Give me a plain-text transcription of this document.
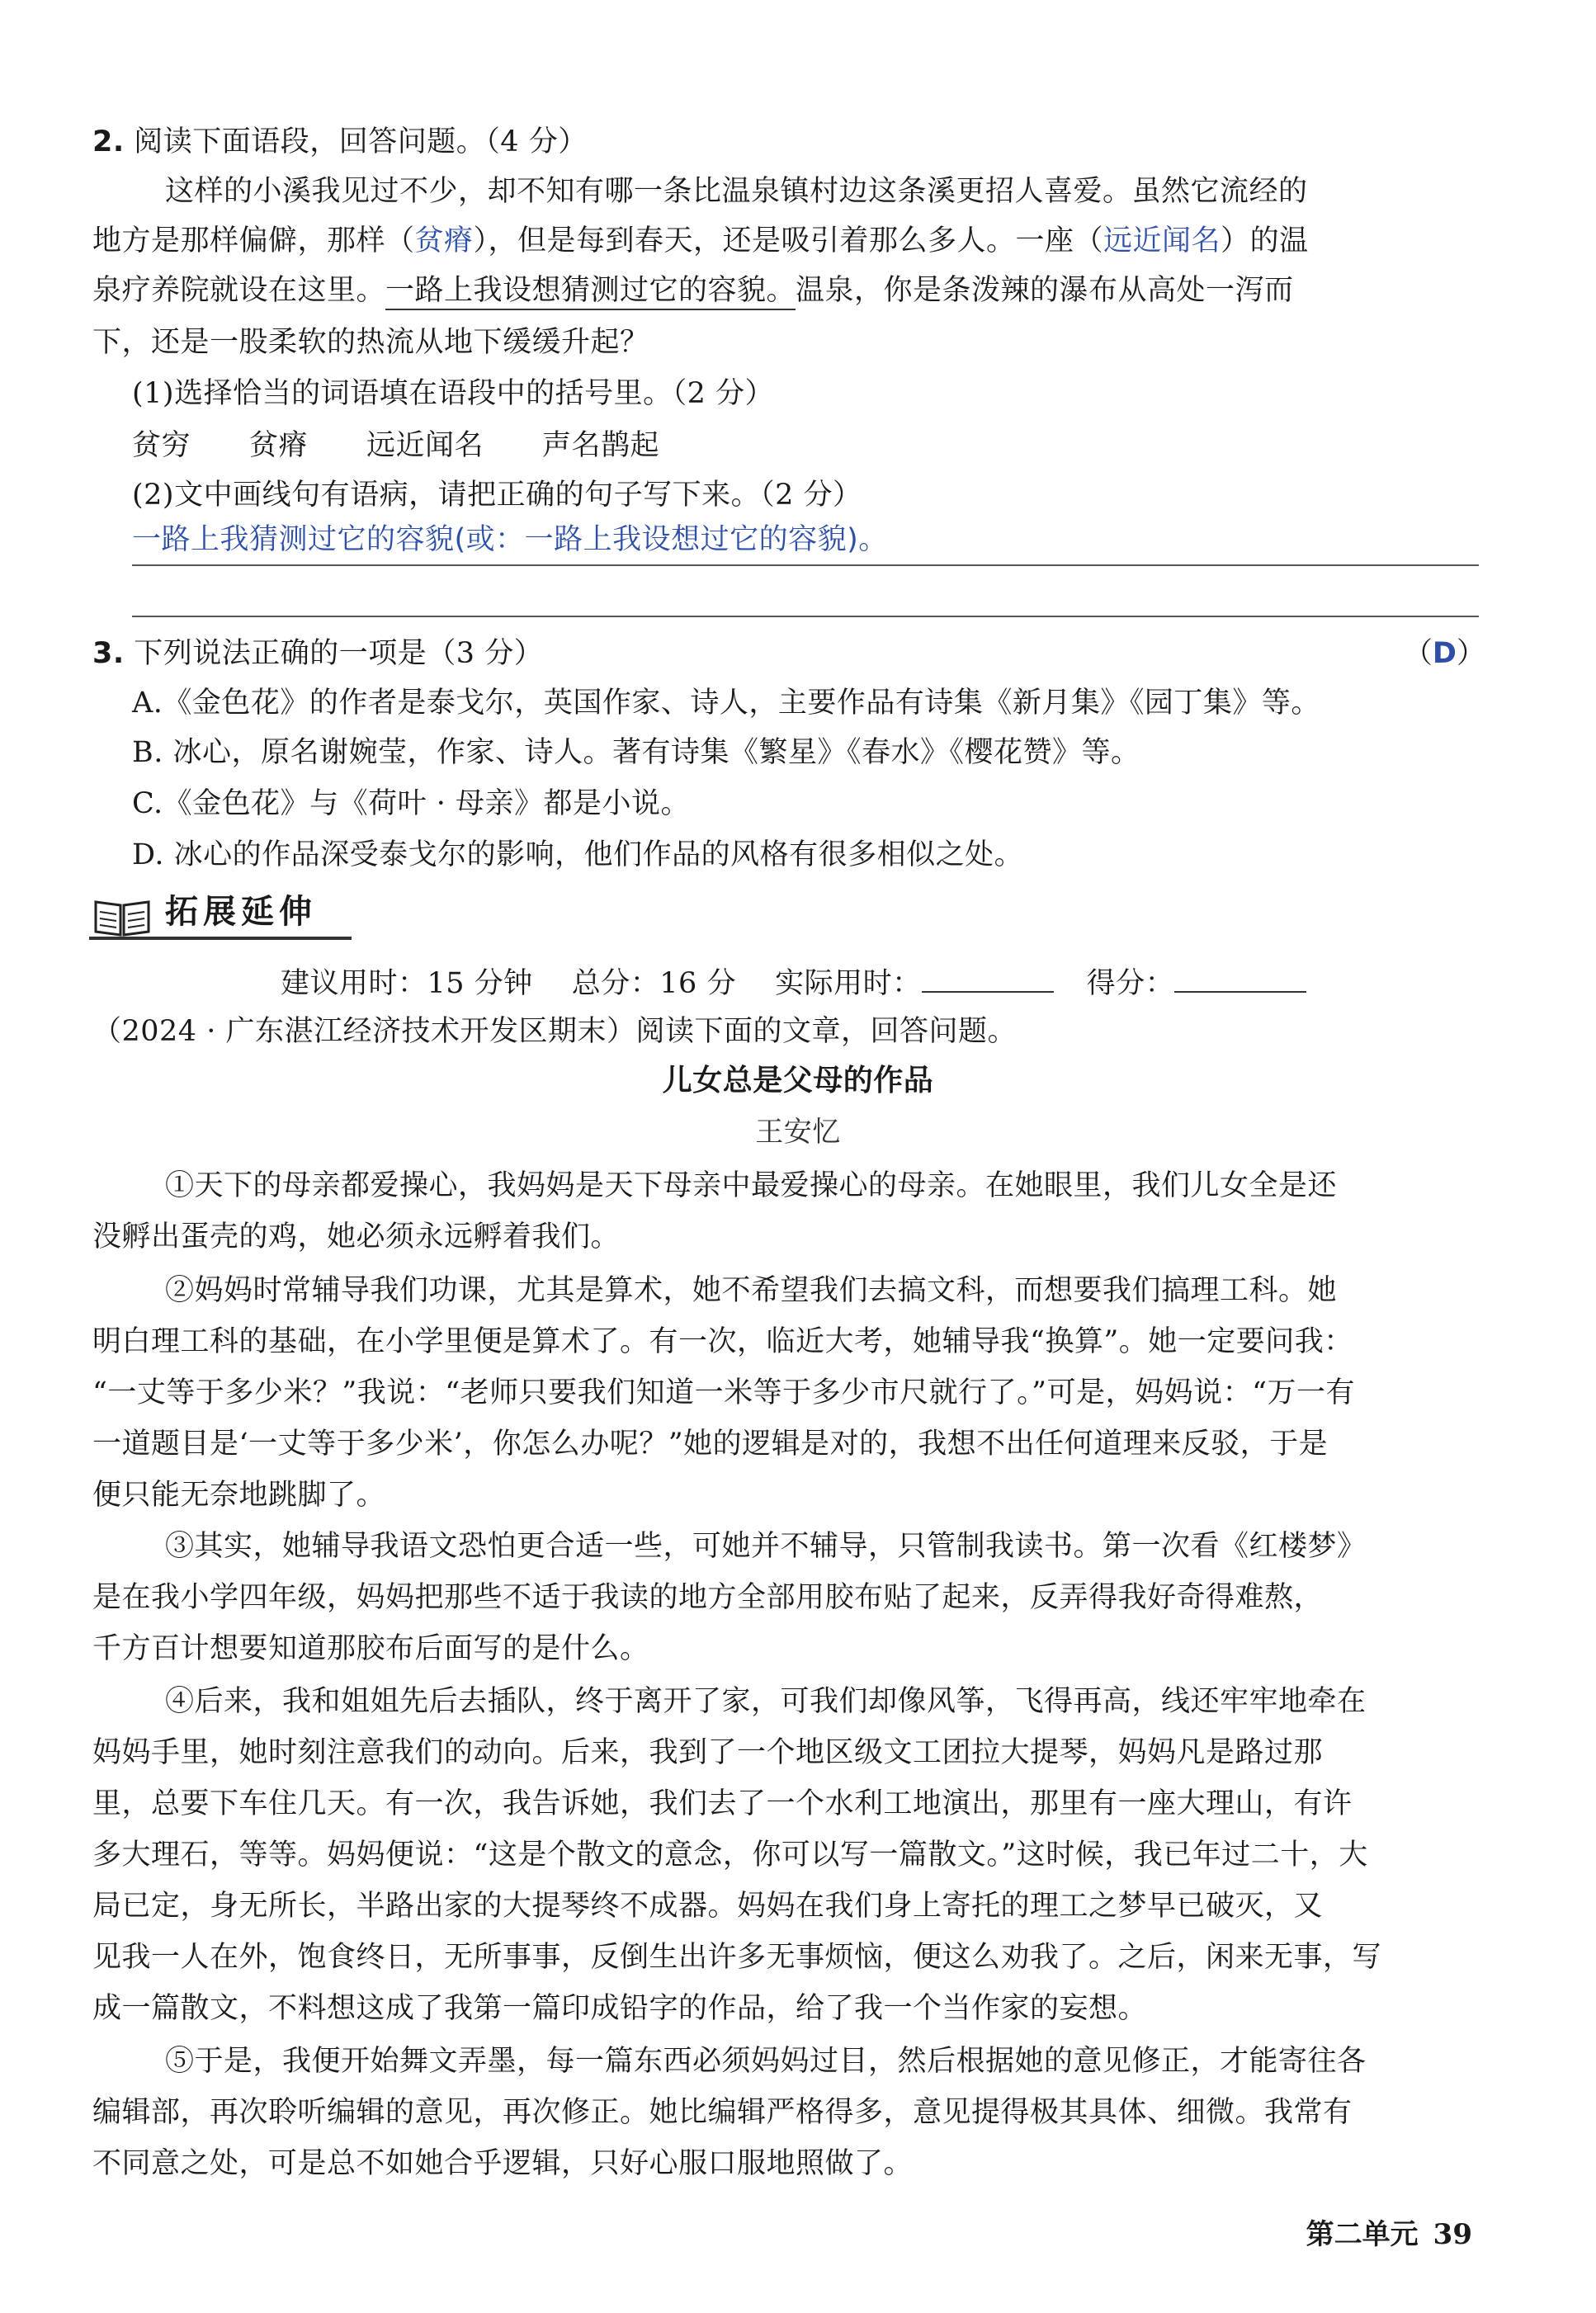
2. 阅读下面语段，回答问题。（4 分）
这样的小溪我见过不少，却不知有哪一条比温泉镇村边这条溪更招人喜爱。虽然它流经的
地方是那样偏僻，那样（贫瘠），但是每到春天，还是吸引着那么多人。一座（远近闻名）的温
泉疗养院就设在这里。一路上我设想猜测过它的容貌。温泉，你是条泼辣的瀑布从高处一泻而
下，还是一股柔软的热流从地下缓缓升起？
(1)选择恰当的词语填在语段中的括号里。（2 分）
贫穷　　贫瘠　　远近闻名　　声名鹊起
(2)文中画线句有语病，请把正确的句子写下来。（2 分）
一路上我猜测过它的容貌(或：一路上我设想过它的容貌)。
3. 下列说法正确的一项是（3 分）	（D）
A.《金色花》的作者是泰戈尔，英国作家、诗人，主要作品有诗集《新月集》《园丁集》等。
B. 冰心，原名谢婉莹，作家、诗人。著有诗集《繁星》《春水》《樱花赞》等。
C.《金色花》与《荷叶 · 母亲》都是小说。
D. 冰心的作品深受泰戈尔的影响，他们作品的风格有很多相似之处。
拓展延伸
建议用时：15 分钟　 总分：16 分　 实际用时：	得分：
（2024 · 广东湛江经济技术开发区期末）阅读下面的文章，回答问题。
儿女总是父母的作品
王安忆
①天下的母亲都爱操心，我妈妈是天下母亲中最爱操心的母亲。在她眼里，我们儿女全是还
没孵出蛋壳的鸡，她必须永远孵着我们。
②妈妈时常辅导我们功课，尤其是算术，她不希望我们去搞文科，而想要我们搞理工科。她
明白理工科的基础，在小学里便是算术了。有一次，临近大考，她辅导我“换算”。她一定要问我：
“一丈等于多少米？”我说：“老师只要我们知道一米等于多少市尺就行了。”可是，妈妈说：“万一有
一道题目是‘一丈等于多少米’，你怎么办呢？”她的逻辑是对的，我想不出任何道理来反驳，于是
便只能无奈地跳脚了。
③其实，她辅导我语文恐怕更合适一些，可她并不辅导，只管制我读书。第一次看《红楼梦》
是在我小学四年级，妈妈把那些不适于我读的地方全部用胶布贴了起来，反弄得我好奇得难熬，
千方百计想要知道那胶布后面写的是什么。
④后来，我和姐姐先后去插队，终于离开了家，可我们却像风筝，飞得再高，线还牢牢地牵在
妈妈手里，她时刻注意我们的动向。后来，我到了一个地区级文工团拉大提琴，妈妈凡是路过那
里，总要下车住几天。有一次，我告诉她，我们去了一个水利工地演出，那里有一座大理山，有许
多大理石，等等。妈妈便说：“这是个散文的意念，你可以写一篇散文。”这时候，我已年过二十，大
局已定，身无所长，半路出家的大提琴终不成器。妈妈在我们身上寄托的理工之梦早已破灭，又
见我一人在外，饱食终日，无所事事，反倒生出许多无事烦恼，便这么劝我了。之后，闲来无事，写
成一篇散文，不料想这成了我第一篇印成铅字的作品，给了我一个当作家的妄想。
⑤于是，我便开始舞文弄墨，每一篇东西必须妈妈过目，然后根据她的意见修正，才能寄往各
编辑部，再次聆听编辑的意见，再次修正。她比编辑严格得多，意见提得极其具体、细微。我常有
不同意之处，可是总不如她合乎逻辑，只好心服口服地照做了。
第二单元 39
